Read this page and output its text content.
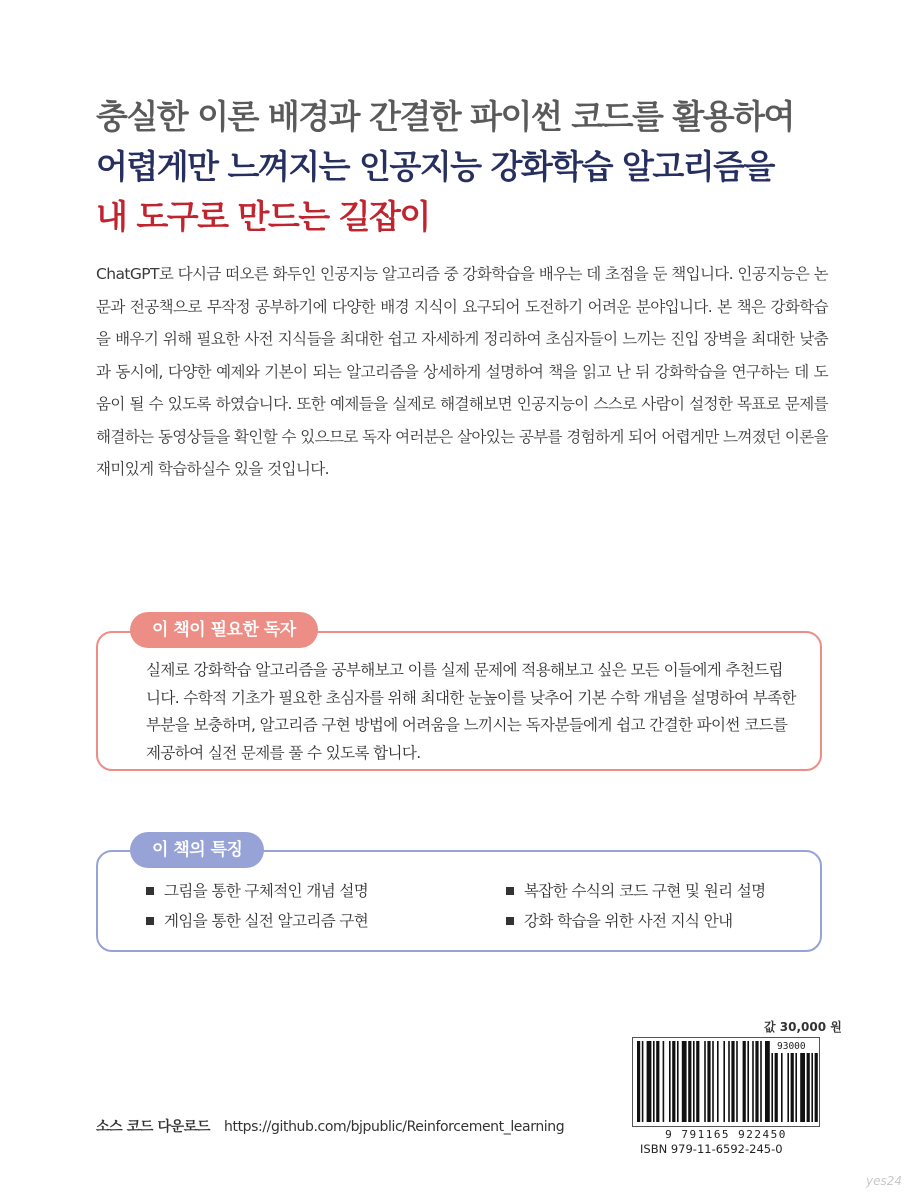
충실한 이론 배경과 간결한 파이썬 코드를 활용하여
어렵게만 느껴지는 인공지능 강화학습 알고리즘을
내 도구로 만드는 길잡이
ChatGPT로 다시금 떠오른 화두인 인공지능 알고리즘 중 강화학습을 배우는 데 초점을 둔 책입니다. 인공지능은 논문과 전공책으로 무작정 공부하기에 다양한 배경 지식이 요구되어 도전하기 어려운 분야입니다. 본 책은 강화학습을 배우기 위해 필요한 사전 지식들을 최대한 쉽고 자세하게 정리하여 초심자들이 느끼는 진입 장벽을 최대한 낮춤과 동시에, 다양한 예제와 기본이 되는 알고리즘을 상세하게 설명하여 책을 읽고 난 뒤 강화학습을 연구하는 데 도움이 될 수 있도록 하였습니다. 또한 예제들을 실제로 해결해보면 인공지능이 스스로 사람이 설정한 목표로 문제를 해결하는 동영상들을 확인할 수 있으므로 독자 여러분은 살아있는 공부를 경험하게 되어 어렵게만 느껴졌던 이론을 재미있게 학습하실수 있을 것입니다.
이 책이 필요한 독자
실제로 강화학습 알고리즘을 공부해보고 이를 실제 문제에 적용해보고 싶은 모든 이들에게 추천드립니다. 수학적 기초가 필요한 초심자를 위해 최대한 눈높이를 낮추어 기본 수학 개념을 설명하여 부족한 부분을 보충하며, 알고리즘 구현 방법에 어려움을 느끼시는 독자분들에게 쉽고 간결한 파이썬 코드를 제공하여 실전 문제를 풀 수 있도록 합니다.
이 책의 특징
그림을 통한 구체적인 개념 설명	복잡한 수식의 코드 구현 및 원리 설명
게임을 통한 실전 알고리즘 구현	강화 학습을 위한 사전 지식 안내
값 30,000 원
93000
9 791165 922450
ISBN 979-11-6592-245-0
소스 코드 다운로드 https://github.com/bjpublic/Reinforcement_learning
yes24
